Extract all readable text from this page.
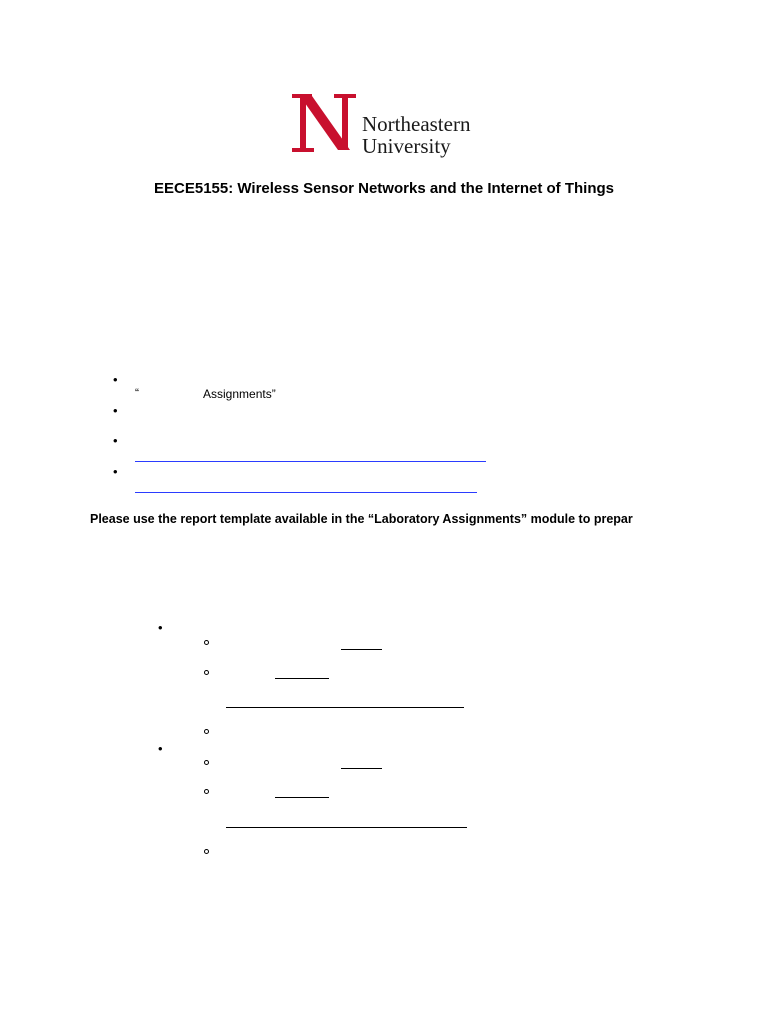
Northeastern
University
EECE5155: Wireless Sensor Networks and the Internet of Things
•
“	Assignments”
•
•
•
Please use the report template available in the “Laboratory Assignments” module to prepar
•
•
